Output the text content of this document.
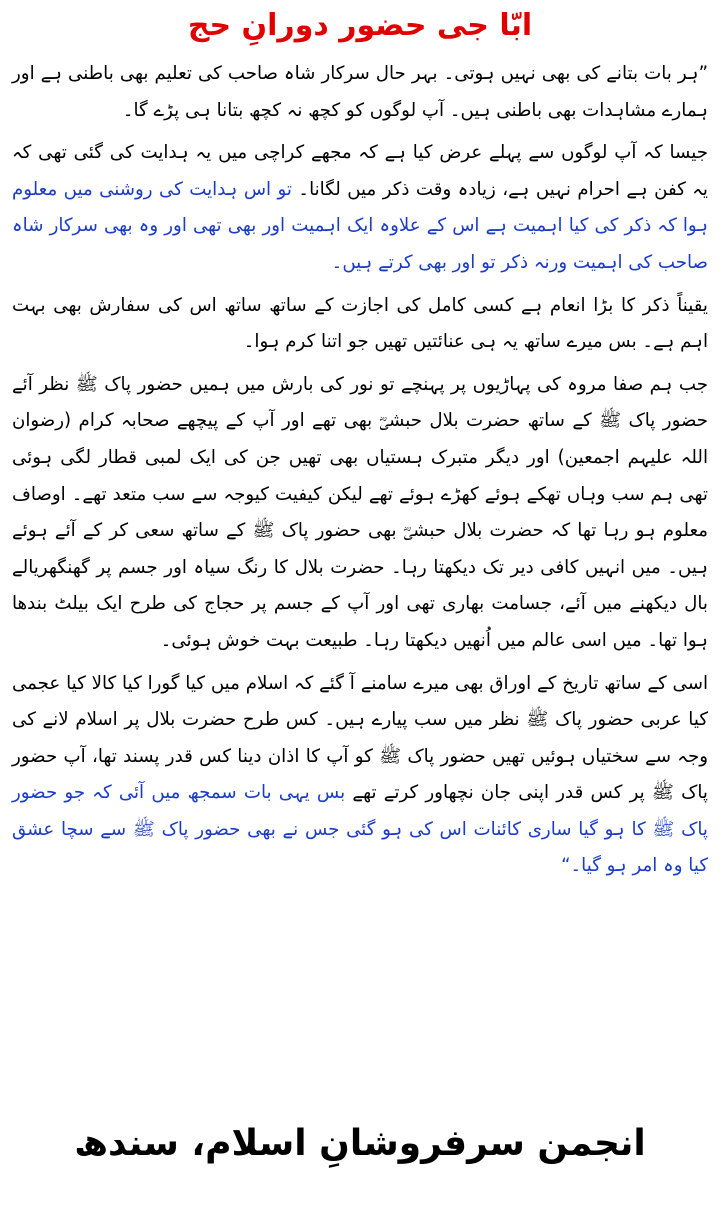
ابّا جی حضور دورانِ حج

”ہر بات بتانے کی بھی نہیں ہوتی۔ بہر حال سرکار شاہ صاحب کی تعلیم بھی باطنی ہے اور ہمارے مشاہدات بھی باطنی ہیں۔ آپ لوگوں کو کچھ نہ کچھ بتانا ہی پڑے گا۔

جیسا کہ آپ لوگوں سے پہلے عرض کیا ہے کہ مجھے کراچی میں یہ ہدایت کی گئی تھی کہ یہ کفن ہے احرام نہیں ہے، زیادہ وقت ذکر میں لگانا۔ تو اس ہدایت کی روشنی میں معلوم ہوا کہ ذکر کی کیا اہمیت ہے اس کے علاوہ ایک اہمیت اور بھی تھی اور وہ بھی سرکار شاہ صاحب کی اہمیت ورنہ ذکر تو اور بھی کرتے ہیں۔

یقیناً ذکر کا بڑا انعام ہے کسی کامل کی اجازت کے ساتھ ساتھ اس کی سفارش بھی بہت اہم ہے۔ بس میرے ساتھ یہ ہی عنائتیں تھیں جو اتنا کرم ہوا۔

جب ہم صفا مروہ کی پہاڑیوں پر پہنچے تو نور کی بارش میں ہمیں حضور پاک ﷺ نظر آئے حضور پاک ﷺ کے ساتھ حضرت بلال حبشیؓ بھی تھے اور آپ کے پیچھے صحابہ کرام (رضوان اللہ علیہم اجمعین) اور دیگر متبرک ہستیاں بھی تھیں جن کی ایک لمبی قطار لگی ہوئی تھی ہم سب وہاں تھکے ہوئے کھڑے ہوئے تھے لیکن کیفیت کیوجہ سے سب متعد تھے۔ اوصاف معلوم ہو رہا تھا کہ حضرت بلال حبشیؓ بھی حضور پاک ﷺ کے ساتھ سعی کر کے آئے ہوئے ہیں۔ میں انہیں کافی دیر تک دیکھتا رہا۔ حضرت بلال کا رنگ سیاہ اور جسم پر گھنگھریالے بال دیکھنے میں آئے، جسامت بھاری تھی اور آپ کے جسم پر حجاج کی طرح ایک بیلٹ بندھا ہوا تھا۔ میں اسی عالم میں اُنھیں دیکھتا رہا۔ طبیعت بہت خوش ہوئی۔

اسی کے ساتھ تاریخ کے اوراق بھی میرے سامنے آ گئے کہ اسلام میں کیا گورا کیا کالا کیا عجمی کیا عربی حضور پاک ﷺ نظر میں سب پیارے ہیں۔ کس طرح حضرت بلال پر اسلام لانے کی وجہ سے سختیاں ہوئیں تھیں حضور پاک ﷺ کو آپ کا اذان دینا کس قدر پسند تھا، آپ حضور پاک ﷺ پر کس قدر اپنی جان نچھاور کرتے تھے بس یہی بات سمجھ میں آئی کہ جو حضور پاک ﷺ کا ہو گیا ساری کائنات اس کی ہو گئی جس نے بھی حضور پاک ﷺ سے سچا عشق کیا وہ امر ہو گیا۔“

انجمن سرفروشانِ اسلام، سندھ
